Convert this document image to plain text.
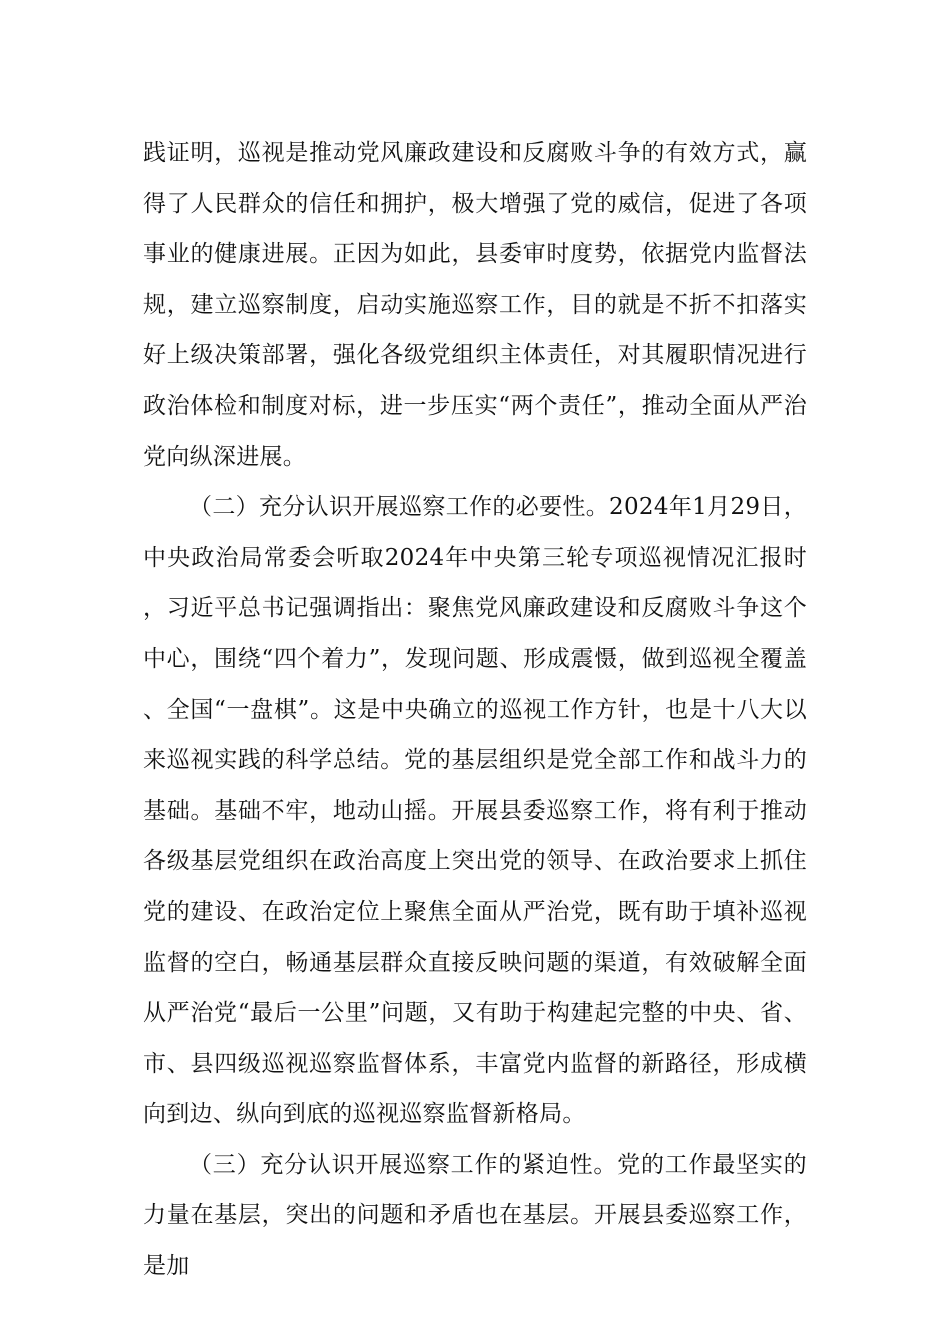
践证明，巡视是推动党风廉政建设和反腐败斗争的有效方式，赢得了人民群众的信任和拥护，极大增强了党的威信，促进了各项事业的健康进展。正因为如此，县委审时度势，依据党内监督法规，建立巡察制度，启动实施巡察工作，目的就是不折不扣落实好上级决策部署，强化各级党组织主体责任，对其履职情况进行政治体检和制度对标，进一步压实“两个责任”，推动全面从严治党向纵深进展。

（二）充分认识开展巡察工作的必要性。2024年1月29日，中央政治局常委会听取2024年中央第三轮专项巡视情况汇报时，习近平总书记强调指出：聚焦党风廉政建设和反腐败斗争这个中心，围绕“四个着力”，发现问题、形成震慑，做到巡视全覆盖、全国“一盘棋”。这是中央确立的巡视工作方针，也是十八大以来巡视实践的科学总结。党的基层组织是党全部工作和战斗力的基础。基础不牢，地动山摇。开展县委巡察工作，将有利于推动各级基层党组织在政治高度上突出党的领导、在政治要求上抓住党的建设、在政治定位上聚焦全面从严治党，既有助于填补巡视监督的空白，畅通基层群众直接反映问题的渠道，有效破解全面从严治党“最后一公里”问题，又有助于构建起完整的中央、省、市、县四级巡视巡察监督体系，丰富党内监督的新路径，形成横向到边、纵向到底的巡视巡察监督新格局。

（三）充分认识开展巡察工作的紧迫性。党的工作最坚实的力量在基层，突出的问题和矛盾也在基层。开展县委巡察工作，是加
